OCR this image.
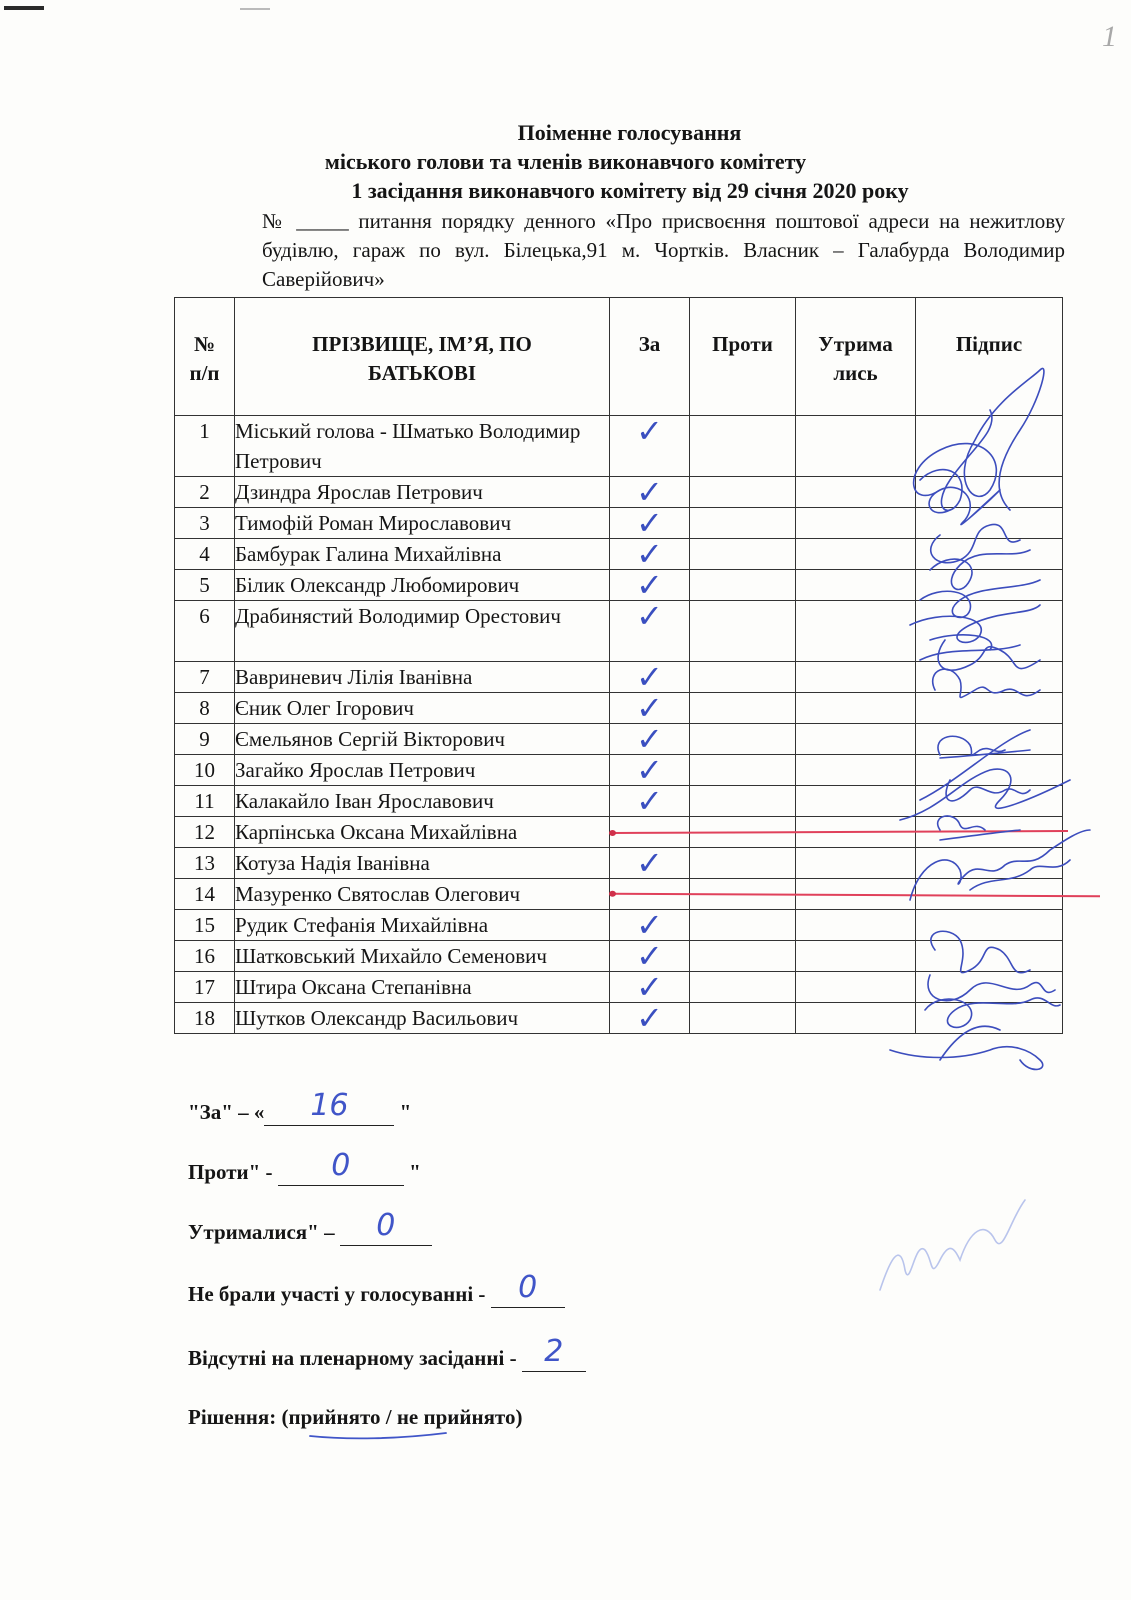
1
Поіменне голосування
міського голови та членів виконавчого комітету
1 засідання виконавчого комітету від 29 січня 2020 року
№ _____ питання порядку денного «Про присвоєння поштової адреси на нежитлову будівлю, гараж по вул. Білецька,91 м. Чортків. Власник – Галабурда Володимир Саверійович»
№ п/п	ПРІЗВИЩЕ, ІМ’Я, ПО БАТЬКОВІ	За	Проти	Утрима лись	Підпис
1	Міський голова - Шматько Володимир Петрович	✓			
2	Дзиндра Ярослав Петрович	✓			
3	Тимофій Роман Мирославович	✓			
4	Бамбурак Галина Михайлівна	✓			
5	Білик Олександр Любомирович	✓			
6	Драбинястий Володимир Орестович	✓			
7	Вавриневич Лілія Іванівна	✓			
8	Єник Олег Ігорович	✓			
9	Ємельянов Сергій Вікторович	✓			
10	Загайко Ярослав Петрович	✓			
11	Калакайло Іван Ярославович	✓			
12	Карпінська Оксана Михайлівна				
13	Котуза Надія Іванівна	✓			
14	Мазуренко Святослав Олегович				
15	Рудик Стефанія Михайлівна	✓			
16	Шатковський Михайло Семенович	✓			
17	Штира Оксана Степанівна	✓			
18	Шутков Олександр Васильович	✓			
"За" – «	16	"
Проти" -	0	"
Утрималися" –	0
Не брали участі у голосуванні - 0
Відсутні на пленарному засіданні - 2
Рішення: (прийнято / не прийнято)
